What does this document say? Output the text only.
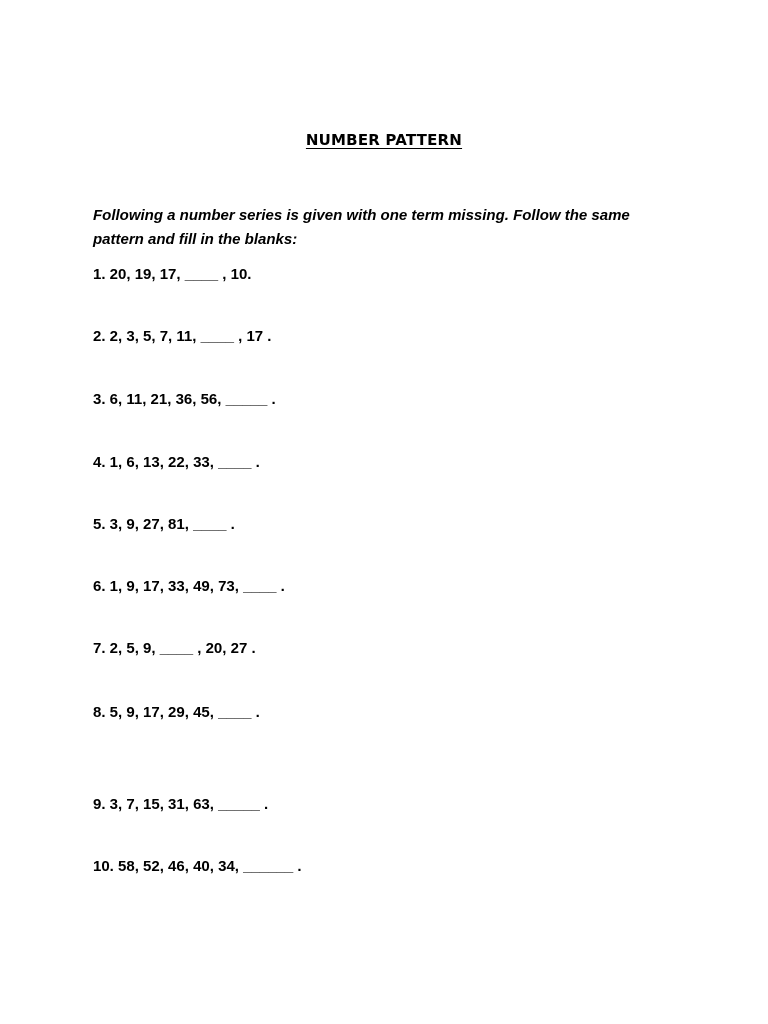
NUMBER PATTERN
Following a number series is given with one term missing. Follow the same pattern and fill in the blanks:
1. 20, 19, 17, ____ , 10.
2. 2, 3, 5, 7, 11, ____ , 17 .
3. 6, 11, 21, 36, 56, _____ .
4. 1, 6, 13, 22, 33, ____ .
5. 3, 9, 27, 81, ____ .
6. 1, 9, 17, 33, 49, 73, ____ .
7. 2, 5, 9, ____ , 20, 27 .
8. 5, 9, 17, 29, 45, ____ .
9. 3, 7, 15, 31, 63, _____ .
10. 58, 52, 46, 40, 34, ______ .
